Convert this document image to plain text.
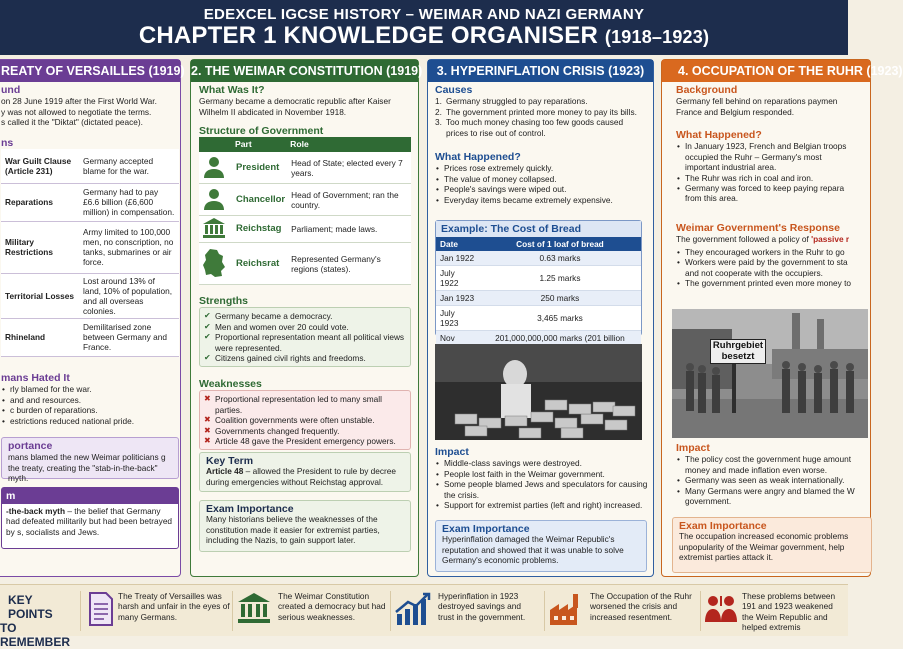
EDEXCEL IGCSE HISTORY – WEIMAR AND NAZI GERMANY
CHAPTER 1 KNOWLEDGE ORGANISER (1918–1923)
REATY OF VERSAILLES (1919)
und
on 28 June 1919 after the First World War.
y was not allowed to negotiate the terms.
s called it the "Diktat" (dictated peace).
ns
War Guilt Clause (Article 231)	Germany accepted blame for the war.
Reparations	Germany had to pay £6.6 billion (£6,600 million) in compensation.
Military Restrictions	Army limited to 100,000 men, no conscription, no tanks, submarines or air force.
Territorial Losses	Lost around 13% of land, 10% of population, and all overseas colonies.
Rhineland	Demilitarised zone between Germany and France.
mans Hated It
• rly blamed for the war.
• and and resources.
• c burden of reparations.
• estrictions reduced national pride.
portance
mans blamed the new Weimar politicians g the treaty, creating the "stab-in-the-back" myth.
m
-the-back myth – the belief that Germany had defeated militarily but had been betrayed by s, socialists and Jews.
2. THE WEIMAR CONSTITUTION (1919)
What Was It?
Germany became a democratic republic after Kaiser Wilhelm II abdicated in November 1918.
Structure of Government
	Part	Role
	President	Head of State; elected every 7 years.
	Chancellor	Head of Government; ran the country.
	Reichstag	Parliament; made laws.
	Reichsrat	Represented Germany's regions (states).
Strengths
✔ Germany became a democracy.
✔ Men and women over 20 could vote.
✔ Proportional representation meant all political views were represented.
✔ Citizens gained civil rights and freedoms.
Weaknesses
✖ Proportional representation led to many small parties.
✖ Coalition governments were often unstable.
✖ Governments changed frequently.
✖ Article 48 gave the President emergency powers.
Key Term
Article 48 – allowed the President to rule by decree during emergencies without Reichstag approval.
Exam Importance
Many historians believe the weaknesses of the constitution made it easier for extremist parties, including the Nazis, to gain support later.
3. HYPERINFLATION CRISIS (1923)
Causes
1. Germany struggled to pay reparations.
2. The government printed more money to pay its bills.
3. Too much money chasing too few goods caused prices to rise out of control.
What Happened?
• Prices rose extremely quickly.
• The value of money collapsed.
• People's savings were wiped out.
• Everyday items became extremely expensive.
Example: The Cost of Bread
Date	Cost of 1 loaf of bread
Jan 1922	0.63 marks
July 1922	1.25 marks
Jan 1923	250 marks
July 1923	3,465 marks
Nov	201,000,000,000 marks (201 billion
Impact
• Middle-class savings were destroyed.
• People lost faith in the Weimar government.
• Some people blamed Jews and speculators for causing the crisis.
• Support for extremist parties (left and right) increased.
Exam Importance
Hyperinflation damaged the Weimar Republic's reputation and showed that it was unable to solve Germany's economic problems.
4. OCCUPATION OF THE RUHR (1923)
Background
Germany fell behind on reparations paymen France and Belgium responded.
What Happened?
• In January 1923, French and Belgian troops occupied the Ruhr – Germany's most important industrial area.
• The Ruhr was rich in coal and iron.
• Germany was forced to keep paying repara from this area.
Weimar Government's Response
The government followed a policy of 'passive r
• They encouraged workers in the Ruhr to go
• Workers were paid by the government to sta and not cooperate with the occupiers.
• The government printed even more money to
Ruhrgebiet besetzt
Impact
• The policy cost the government huge amount money and made inflation even worse.
• Germany was seen as weak internationally.
• Many Germans were angry and blamed the W government.
Exam Importance
The occupation increased economic problems unpopularity of the Weimar government, help extremist parties attack it.
KEY POINTS
TO REMEMBER
The Treaty of Versailles was harsh and unfair in the eyes of many Germans.
The Weimar Constitution created a democracy but had serious weaknesses.
Hyperinflation in 1923 destroyed savings and trust in the government.
The Occupation of the Ruhr worsened the crisis and increased resentment.
These problems between 191 and 1923 weakened the Weim Republic and helped extremis
